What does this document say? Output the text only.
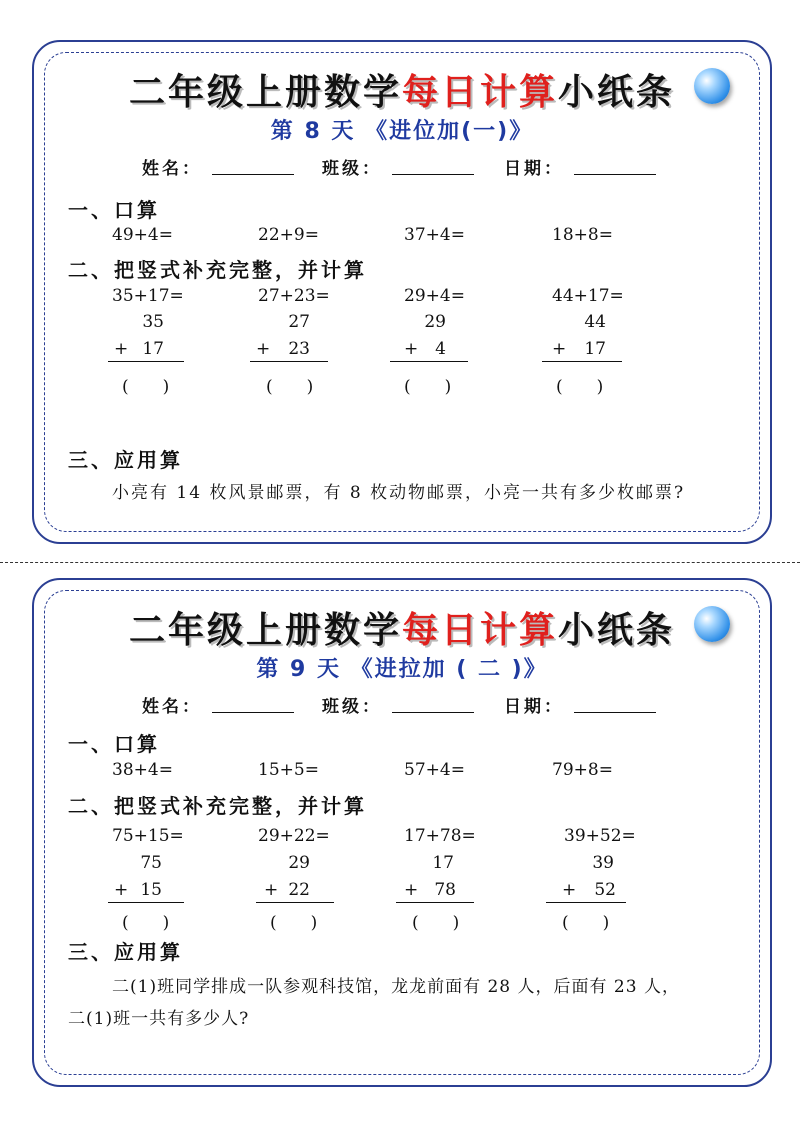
二年级上册数学每日计算小纸条
第 8 天 《进位加(一)》
姓名：	班级：	日期：
一、口算
49+4=	22+9=	37+4=	18+8=
二、把竖式补充完整，并计算
35+17=
35
+ 17
(　　)
27+23=
27
+	23
(　　)
29+4=
29
+ 4
(　　)
44+17=
44
+	17
(　　)
三、应用算
小亮有 14 枚风景邮票，有 8 枚动物邮票，小亮一共有多少枚邮票?
二年级上册数学每日计算小纸条
第 9 天 《进拉加 ( 二 )》
姓名：	班级：	日期：
一、口算
38+4=	15+5=	57+4=	79+8=
二、把竖式补充完整，并计算
75+15=
75
+ 15
(　　)
29+22=
29
+ 22
(　　)
17+78=
17
+ 78
(　　)
39+52=
39
+	52
(　　)
三、应用算
二(1)班同学排成一队参观科技馆，龙龙前面有 28 人，后面有 23 人，
二(1)班一共有多少人?
